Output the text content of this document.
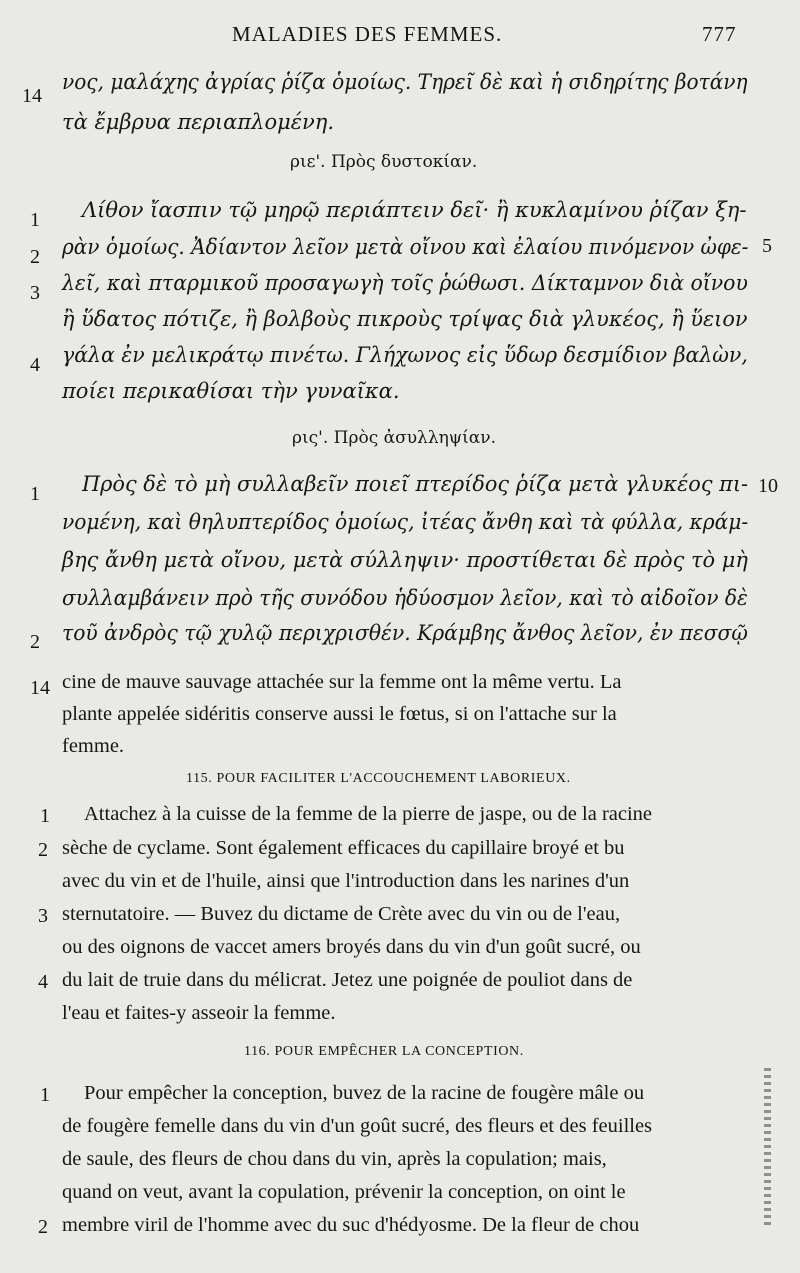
MALADIES DES FEMMES.	777
14
νος, μαλάχης ἀγρίας ῥίζα ὁμοίως. Τηρεῖ δὲ καὶ ἡ σιδηρίτης βοτάνη
τὰ ἔμβρυα περιαπλομένη.
ριε'. Πρὸς δυστοκίαν.
1 Λίθον ἴασπιν τῷ μηρῷ περιάπτειν δεῖ· ἢ κυκλαμίνου ῥίζαν ξη-
2 ρὰν ὁμοίως. Ἀδίαντον λεῖον μετὰ οἴνου καὶ ἐλαίου πινόμενον ὠφε- 5
3 λεῖ, καὶ πταρμικοῦ προσαγωγὴ τοῖς ῥώθωσι. Δίκταμνον διὰ οἴνου
ἢ ὕδατος πότιζε, ἢ βολβοὺς πικροὺς τρίψας διὰ γλυκέος, ἢ ὕειον
4 γάλα ἐν μελικράτῳ πινέτω. Γλήχωνος εἰς ὕδωρ δεσμίδιον βαλὼν,
ποίει περικαθίσαι τὴν γυναῖκα.
ρις'. Πρὸς ἀσυλληψίαν.
1 Πρὸς δὲ τὸ μὴ συλλαβεῖν ποιεῖ πτερίδος ῥίζα μετὰ γλυκέος πι- 10
νομένη, καὶ θηλυπτερίδος ὁμοίως, ἰτέας ἄνθη καὶ τὰ φύλλα, κράμ-
βης ἄνθη μετὰ οἴνου, μετὰ σύλληψιν· προστίθεται δὲ πρὸς τὸ μὴ
συλλαμβάνειν πρὸ τῆς συνόδου ἡδύοσμον λεῖον, καὶ τὸ αἰδοῖον δὲ
2 τοῦ ἀνδρὸς τῷ χυλῷ περιχρισθέν. Κράμβης ἄνθος λεῖον, ἐν πεσσῷ
14 cine de mauve sauvage attachée sur la femme ont la même vertu. La
plante appelée sidéritis conserve aussi le fœtus, si on l'attache sur la
femme.
115. POUR FACILITER L'ACCOUCHEMENT LABORIEUX.
1 Attachez à la cuisse de la femme de la pierre de jaspe, ou de la racine
2 sèche de cyclame. Sont également efficaces du capillaire broyé et bu
avec du vin et de l'huile, ainsi que l'introduction dans les narines d'un
3 sternutatoire. — Buvez du dictame de Crète avec du vin ou de l'eau,
ou des oignons de vaccet amers broyés dans du vin d'un goût sucré, ou
4 du lait de truie dans du mélicrat. Jetez une poignée de pouliot dans de
l'eau et faites-y asseoir la femme.
116. POUR EMPÊCHER LA CONCEPTION.
1 Pour empêcher la conception, buvez de la racine de fougère mâle ou
de fougère femelle dans du vin d'un goût sucré, des fleurs et des feuilles
de saule, des fleurs de chou dans du vin, après la copulation; mais,
quand on veut, avant la copulation, prévenir la conception, on oint le
2 membre viril de l'homme avec du suc d'hédyosme. De la fleur de chou
